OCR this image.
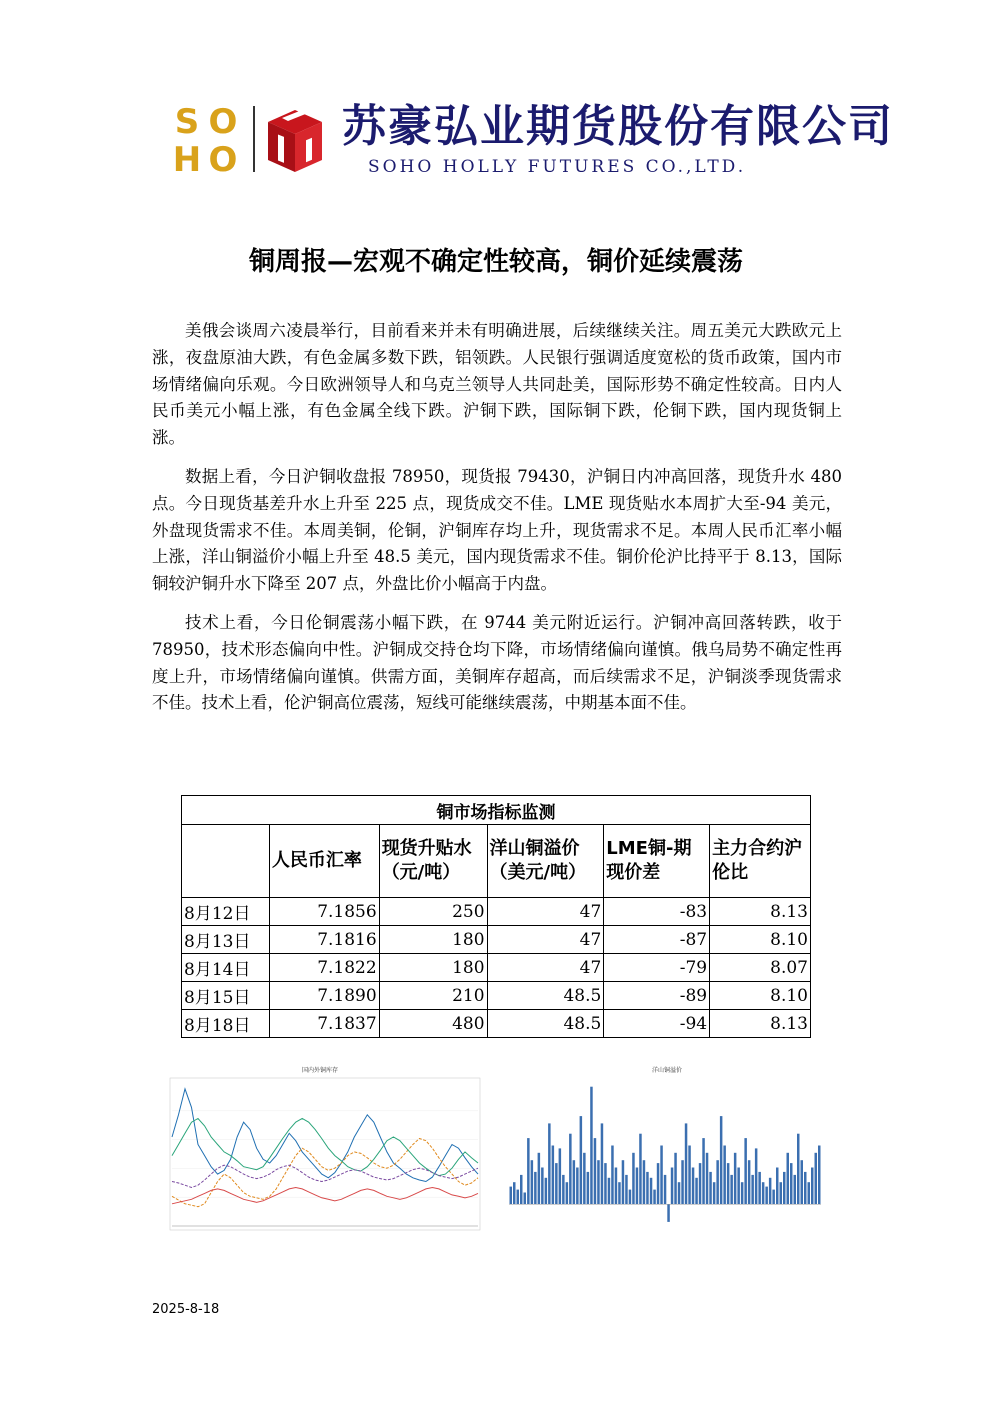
S O
H O
苏豪弘业期货股份有限公司
SOHO HOLLY FUTURES CO.,LTD.
铜周报—宏观不确定性较高，铜价延续震荡

美俄会谈周六凌晨举行，目前看来并未有明确进展，后续继续关注。周五美元大跌欧元上涨，夜盘原油大跌，有色金属多数下跌，铝领跌。人民银行强调适度宽松的货币政策，国内市场情绪偏向乐观。今日欧洲领导人和乌克兰领导人共同赴美，国际形势不确定性较高。日内人民币美元小幅上涨，有色金属全线下跌。沪铜下跌，国际铜下跌，伦铜下跌，国内现货铜上涨。

数据上看，今日沪铜收盘报 78950，现货报 79430，沪铜日内冲高回落，现货升水 480 点。今日现货基差升水上升至 225 点，现货成交不佳。LME 现货贴水本周扩大至-94 美元，外盘现货需求不佳。本周美铜，伦铜，沪铜库存均上升，现货需求不足。本周人民币汇率小幅上涨，洋山铜溢价小幅上升至 48.5 美元，国内现货需求不佳。铜价伦沪比持平于 8.13，国际铜较沪铜升水下降至 207 点，外盘比价小幅高于内盘。

技术上看，今日伦铜震荡小幅下跌，在 9744 美元附近运行。沪铜冲高回落转跌，收于 78950，技术形态偏向中性。沪铜成交持仓均下降，市场情绪偏向谨慎。俄乌局势不确定性再度上升，市场情绪偏向谨慎。供需方面，美铜库存超高，而后续需求不足，沪铜淡季现货需求不佳。技术上看，伦沪铜高位震荡，短线可能继续震荡，中期基本面不佳。

铜市场指标监测					
	人民币汇率	现货升贴水（元/吨）	洋山铜溢价（美元/吨）	LME铜-期现价差	主力合约沪伦比
8月12日	7.1856	250	47	-83	8.13
8月13日	7.1816	180	47	-87	8.10
8月14日	7.1822	180	47	-79	8.07
8月15日	7.1890	210	48.5	-89	8.10
8月18日	7.1837	480	48.5	-94	8.13
国内外铜库存	洋山铜溢价
2025-8-18
